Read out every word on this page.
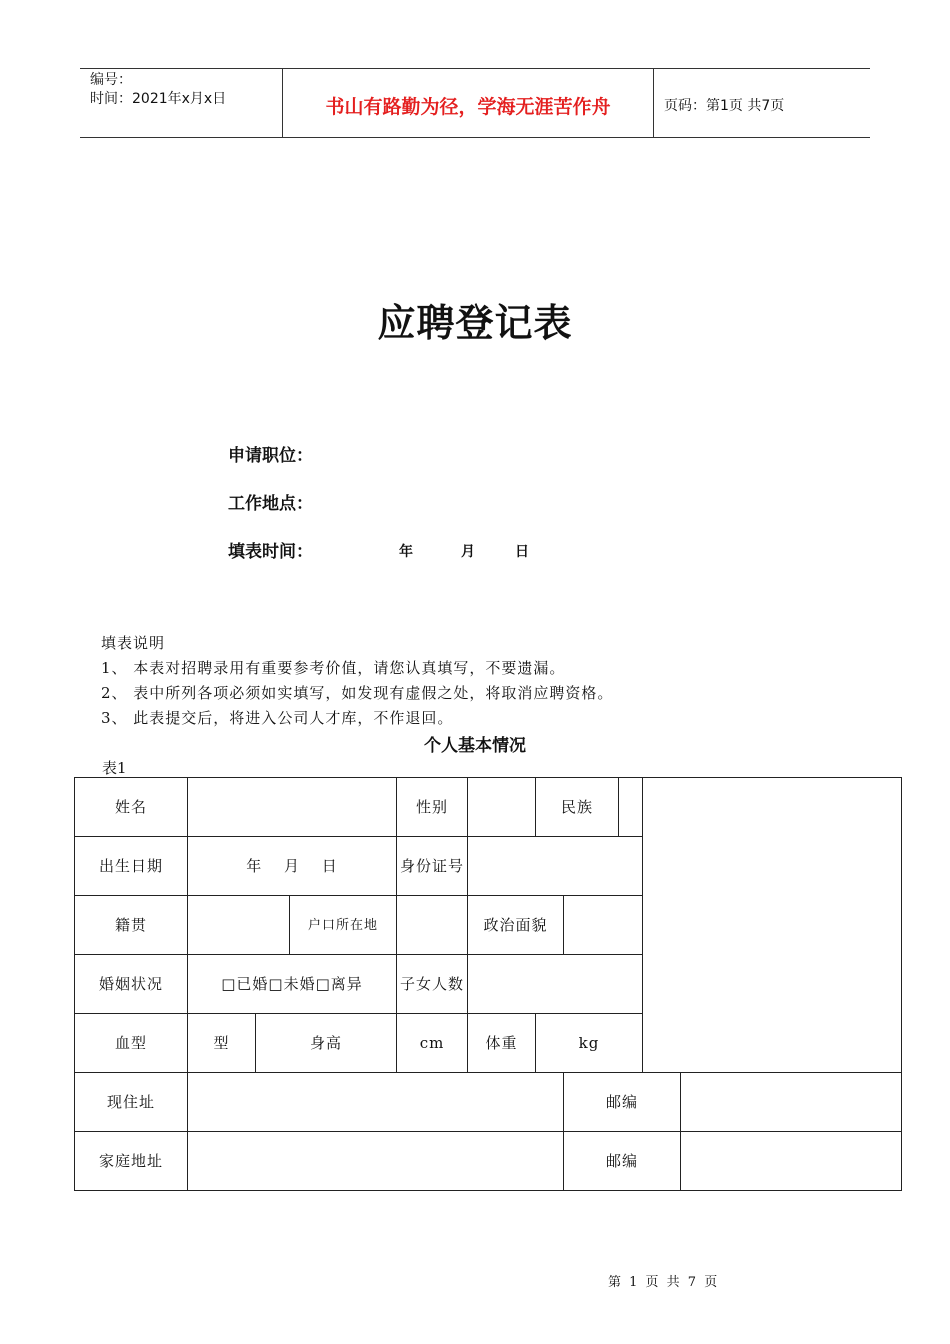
编号：
时间：2021年x月x日	书山有路勤为径，学海无涯苦作舟	页码：第1页 共7页
应聘登记表
申请职位：
工作地点：
填表时间：	年	月	日
填表说明
1、 本表对招聘录用有重要参考价值，请您认真填写，不要遗漏。
2、 表中所列各项必须如实填写，如发现有虚假之处，将取消应聘资格。
3、 此表提交后，将进入公司人才库，不作退回。
个人基本情况
表1
姓名				性别		民族				
出生日期	年　 月　 日			身份证号						
籍贯			户口所在地		政治面貌					
婚姻状况	□已婚□未婚□离异			子女人数						
血型	型	身高		cm	体重	kg				
现住址							邮编			
家庭地址							邮编			
第 1 页 共 7 页
